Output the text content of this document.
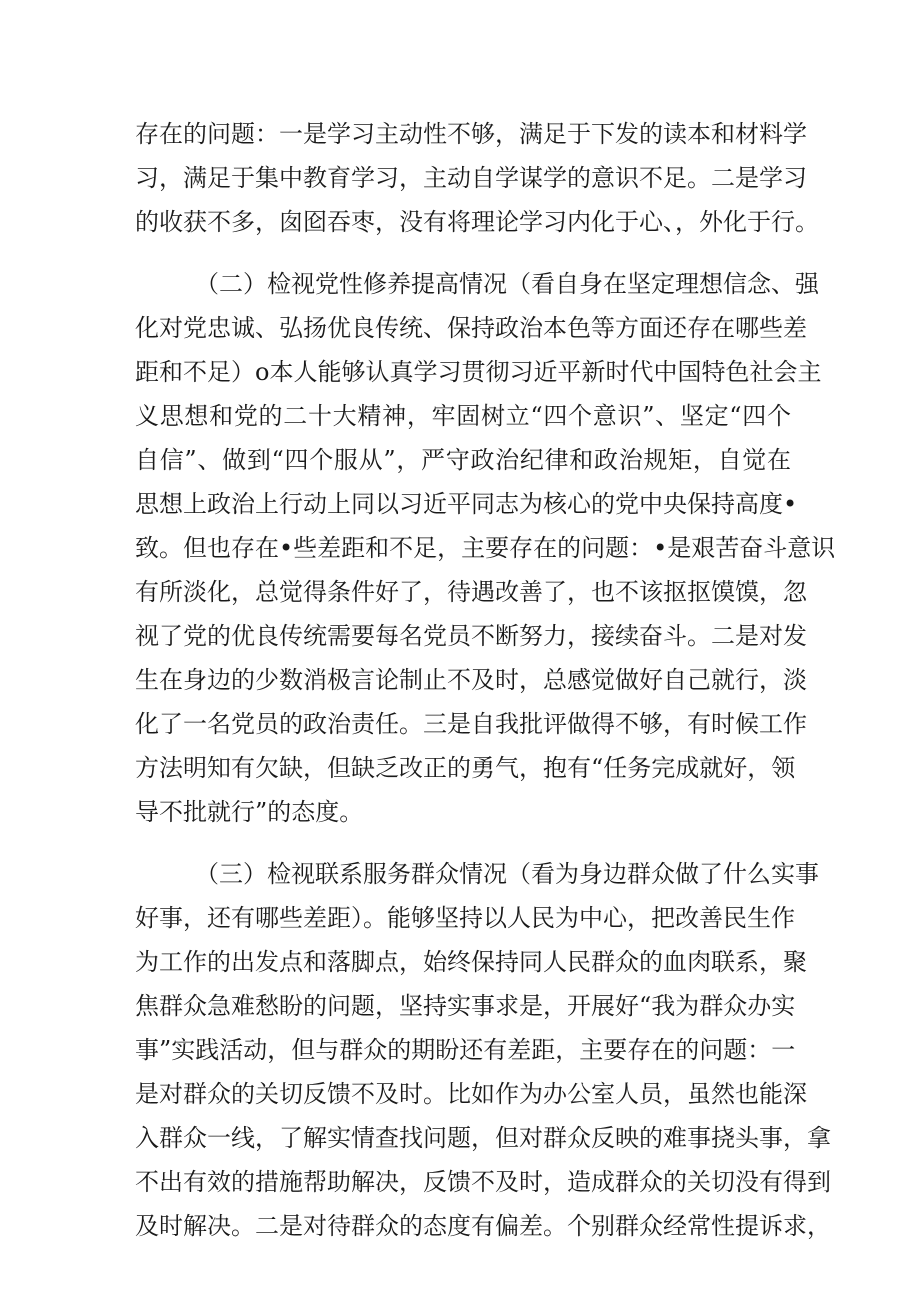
存在的问题：一是学习主动性不够，满足于下发的读本和材料学
习，满足于集中教育学习，主动自学谋学的意识不足。二是学习
的收获不多，囱囵吞枣，没有将理论学习内化于心、，外化于行。
（二）检视党性修养提高情况（看自身在坚定理想信念、强
化对党忠诚、弘扬优良传统、保持政治本色等方面还存在哪些差
距和不足）o本人能够认真学习贯彻习近平新时代中国特色社会主
义思想和党的二十大精神，牢固树立“四个意识”、坚定“四个
自信”、做到“四个服从”，严守政治纪律和政治规矩，自觉在
思想上政治上行动上同以习近平同志为核心的党中央保持高度•
致。但也存在•些差距和不足，主要存在的问题：•是艰苦奋斗意识
有所淡化，总觉得条件好了，待遇改善了，也不该抠抠馍馍，忽
视了党的优良传统需要每名党员不断努力，接续奋斗。二是对发
生在身边的少数消极言论制止不及时，总感觉做好自己就行，淡
化了一名党员的政治责任。三是自我批评做得不够，有时候工作
方法明知有欠缺，但缺乏改正的勇气，抱有“任务完成就好，领
导不批就行”的态度。
（三）检视联系服务群众情况（看为身边群众做了什么实事
好事，还有哪些差距）。能够坚持以人民为中心，把改善民生作
为工作的出发点和落脚点，始终保持同人民群众的血肉联系，聚
焦群众急难愁盼的问题，坚持实事求是，开展好“我为群众办实
事”实践活动，但与群众的期盼还有差距，主要存在的问题：一
是对群众的关切反馈不及时。比如作为办公室人员，虽然也能深
入群众一线，了解实情查找问题，但对群众反映的难事挠头事，拿
不出有效的措施帮助解决，反馈不及时，造成群众的关切没有得到
及时解决。二是对待群众的态度有偏差。个别群众经常性提诉求，
